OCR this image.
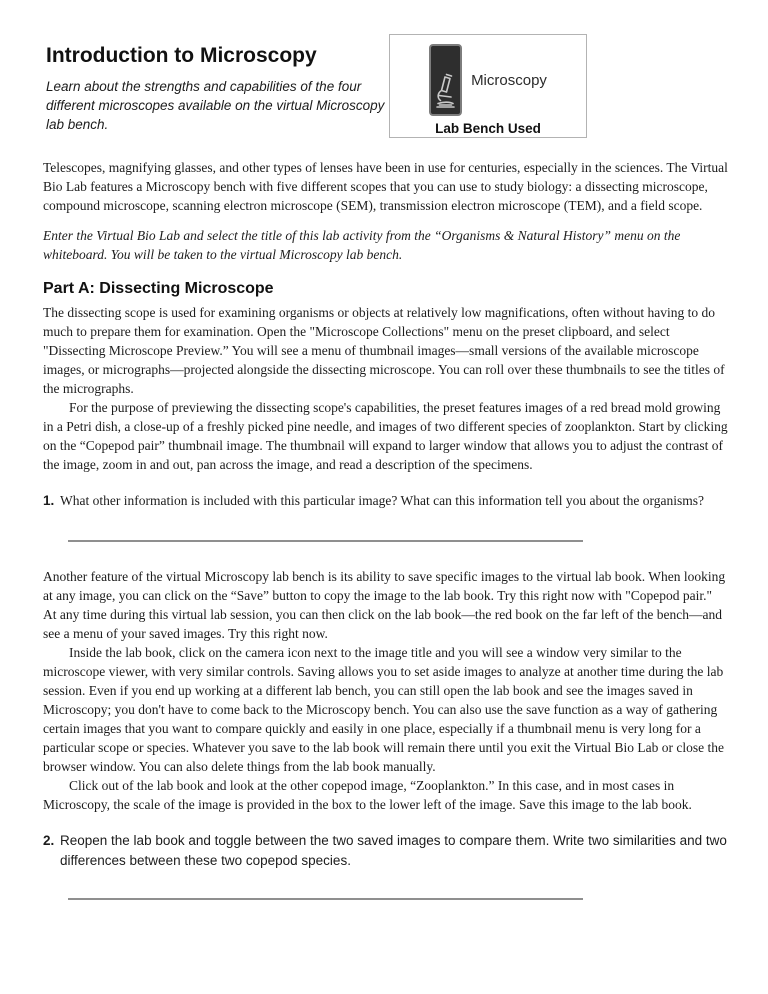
Introduction to Microscopy
Learn about the strengths and capabilities of the four different microscopes available on the virtual Microscopy lab bench.
Microscopy
Lab Bench Used

Telescopes, magnifying glasses, and other types of lenses have been in use for centuries, especially in the sciences. The Virtual Bio Lab features a Microscopy bench with five different scopes that you can use to study biology: a dissecting microscope, compound microscope, scanning electron microscope (SEM), transmission electron microscope (TEM), and a field scope.

Enter the Virtual Bio Lab and select the title of this lab activity from the “Organisms & Natural History” menu on the whiteboard. You will be taken to the virtual Microscopy lab bench.

Part A: Dissecting Microscope

The dissecting scope is used for examining organisms or objects at relatively low magnifications, often without having to do much to prepare them for examination. Open the "Microscope Collections" menu on the preset clipboard, and select "Dissecting Microscope Preview.” You will see a menu of thumbnail images—small versions of the available microscope images, or micrographs—projected alongside the dissecting microscope. You can roll over these thumbnails to see the titles of the micrographs.

For the purpose of previewing the dissecting scope's capabilities, the preset features images of a red bread mold growing in a Petri dish, a close-up of a freshly picked pine needle, and images of two different species of zooplankton. Start by clicking on the “Copepod pair” thumbnail image. The thumbnail will expand to larger window that allows you to adjust the contrast of the image, zoom in and out, pan across the image, and read a description of the specimens.

1. What other information is included with this particular image? What can this information tell you about the organisms?

Another feature of the virtual Microscopy lab bench is its ability to save specific images to the virtual lab book. When looking at any image, you can click on the “Save” button to copy the image to the lab book. Try this right now with "Copepod pair." At any time during this virtual lab session, you can then click on the lab book—the red book on the far left of the bench—and see a menu of your saved images. Try this right now.

Inside the lab book, click on the camera icon next to the image title and you will see a window very similar to the microscope viewer, with very similar controls. Saving allows you to set aside images to analyze at another time during the lab session. Even if you end up working at a different lab bench, you can still open the lab book and see the images saved in Microscopy; you don't have to come back to the Microscopy bench. You can also use the save function as a way of gathering certain images that you want to compare quickly and easily in one place, especially if a thumbnail menu is very long for a particular scope or species. Whatever you save to the lab book will remain there until you exit the Virtual Bio Lab or close the browser window. You can also delete things from the lab book manually.

Click out of the lab book and look at the other copepod image, “Zooplankton.” In this case, and in most cases in Microscopy, the scale of the image is provided in the box to the lower left of the image. Save this image to the lab book.

2. Reopen the lab book and toggle between the two saved images to compare them. Write two similarities and two differences between these two copepod species.
